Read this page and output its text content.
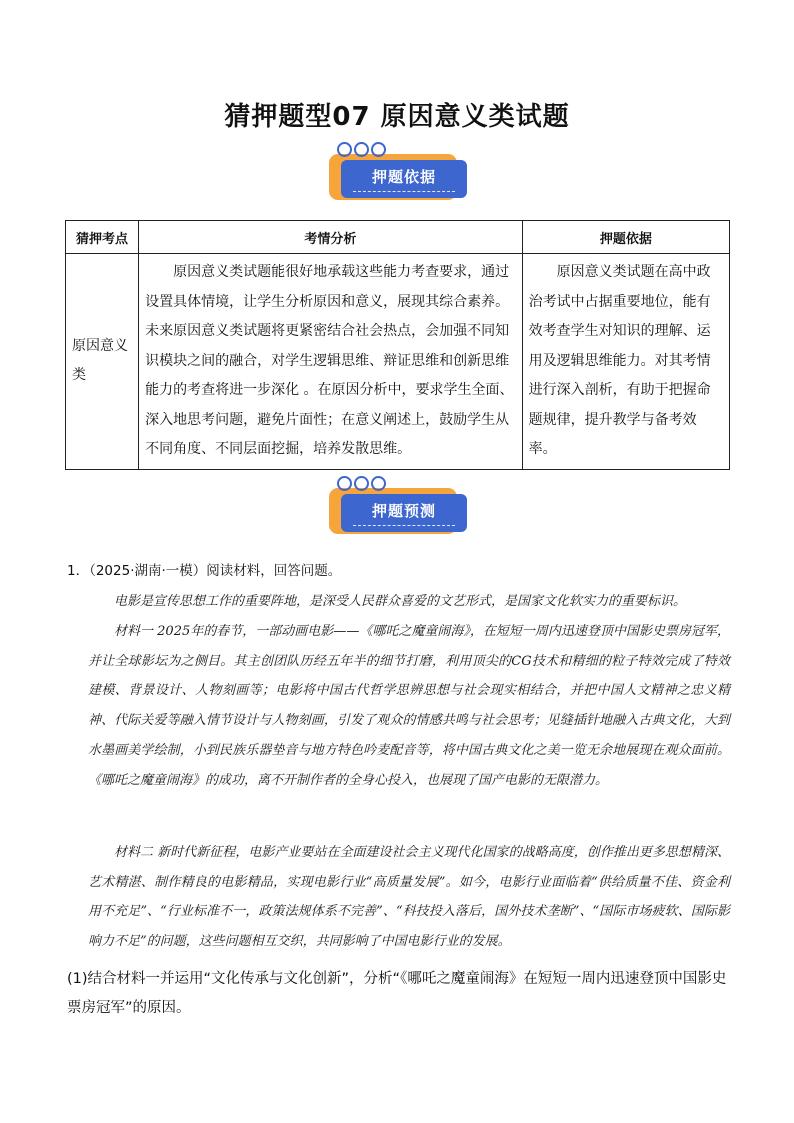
猜押题型07 原因意义类试题
押题依据
猜押考点	考情分析	押题依据
原因意义类	原因意义类试题能很好地承载这些能力考查要求，通过设置具体情境，让学生分析原因和意义，展现其综合素养。未来原因意义类试题将更紧密结合社会热点，会加强不同知识模块之间的融合，对学生逻辑思维、辩证思维和创新思维能力的考查将进一步深化 。在原因分析中，要求学生全面、深入地思考问题，避免片面性；在意义阐述上，鼓励学生从不同角度、不同层面挖掘，培养发散思维。	原因意义类试题在高中政治考试中占据重要地位，能有效考查学生对知识的理解、运用及逻辑思维能力。对其考情进行深入剖析，有助于把握命题规律，提升教学与备考效率。
押题预测
1．（2025·湖南·一模）阅读材料，回答问题。
电影是宣传思想工作的重要阵地，是深受人民群众喜爱的文艺形式，是国家文化软实力的重要标识。
材料一 2025年的春节，一部动画电影——《哪吒之魔童闹海》，在短短一周内迅速登顶中国影史票房冠军，并让全球影坛为之侧目。其主创团队历经五年半的细节打磨，利用顶尖的CG技术和精细的粒子特效完成了特效建模、背景设计、人物刻画等；电影将中国古代哲学思辨思想与社会现实相结合，并把中国人文精神之忠义精神、代际关爱等融入情节设计与人物刻画，引发了观众的情感共鸣与社会思考；见缝插针地融入古典文化，大到水墨画美学绘制，小到民族乐器垫音与地方特色吟麦配音等，将中国古典文化之美一览无余地展现在观众面前。《哪吒之魔童闹海》的成功，离不开制作者的全身心投入，也展现了国产电影的无限潜力。
材料二 新时代新征程，电影产业要站在全面建设社会主义现代化国家的战略高度，创作推出更多思想精深、艺术精湛、制作精良的电影精品，实现电影行业“高质量发展”。如今，电影行业面临着“供给质量不佳、资金利用不充足”、“行业标准不一，政策法规体系不完善”、“科技投入落后，国外技术垄断”、“国际市场疲软、国际影响力不足”的问题，这些问题相互交织，共同影响了中国电影行业的发展。
(1)结合材料一并运用“文化传承与文化创新”，分析“《哪吒之魔童闹海》在短短一周内迅速登顶中国影史票房冠军”的原因。
